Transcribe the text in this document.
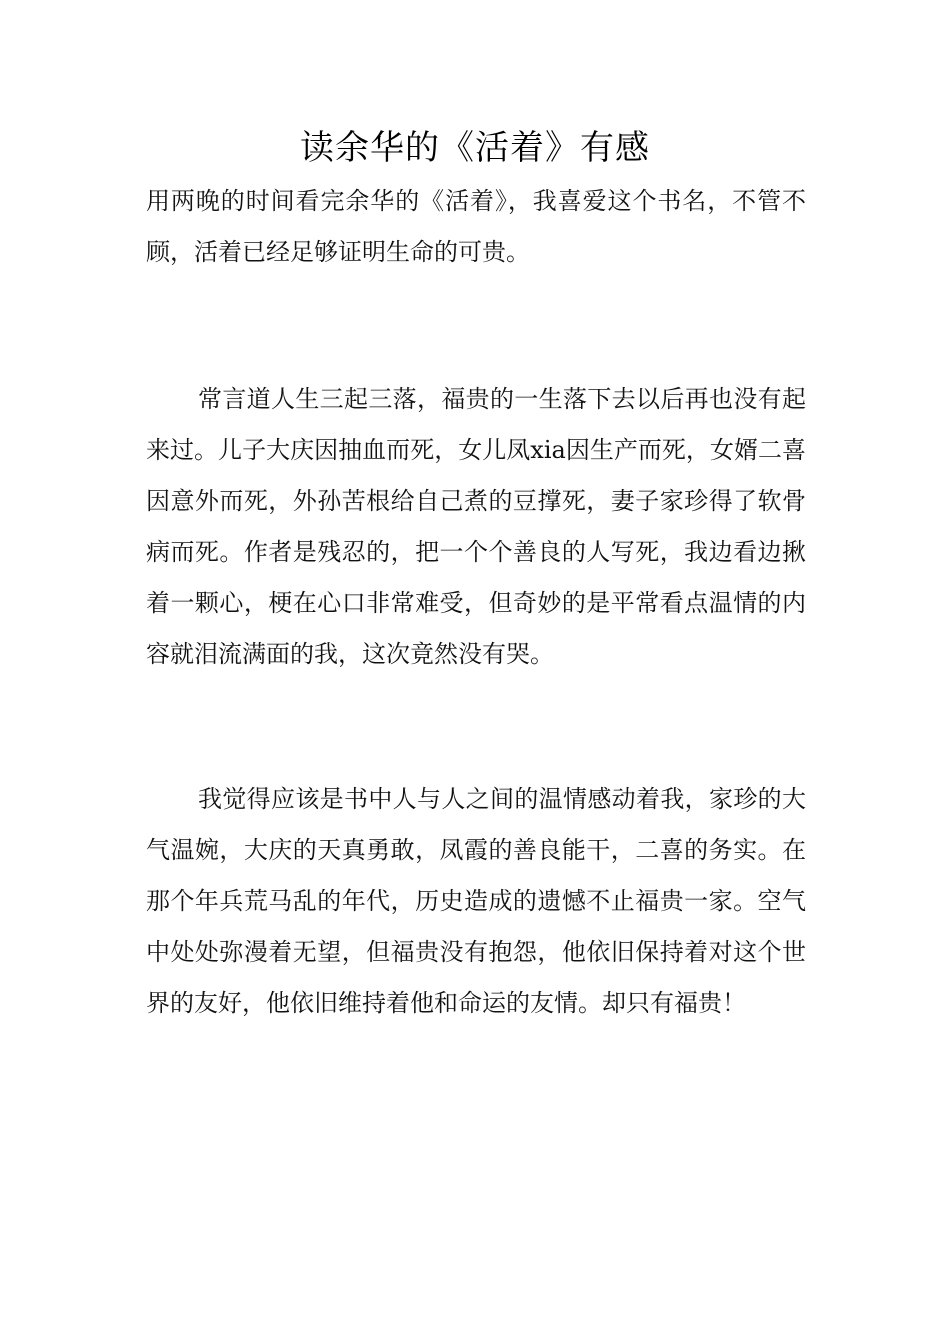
读余华的《活着》有感

用两晚的时间看完余华的《活着》，我喜爱这个书名，不管不顾，活着已经足够证明生命的可贵。

常言道人生三起三落，福贵的一生落下去以后再也没有起来过。儿子大庆因抽血而死，女儿凤xia因生产而死，女婿二喜因意外而死，外孙苦根给自己煮的豆撑死，妻子家珍得了软骨病而死。作者是残忍的，把一个个善良的人写死，我边看边揪着一颗心，梗在心口非常难受，但奇妙的是平常看点温情的内容就泪流满面的我，这次竟然没有哭。

我觉得应该是书中人与人之间的温情感动着我，家珍的大气温婉，大庆的天真勇敢，凤霞的善良能干，二喜的务实。在那个年兵荒马乱的年代，历史造成的遗憾不止福贵一家。空气中处处弥漫着无望，但福贵没有抱怨，他依旧保持着对这个世界的友好，他依旧维持着他和命运的友情。却只有福贵！
